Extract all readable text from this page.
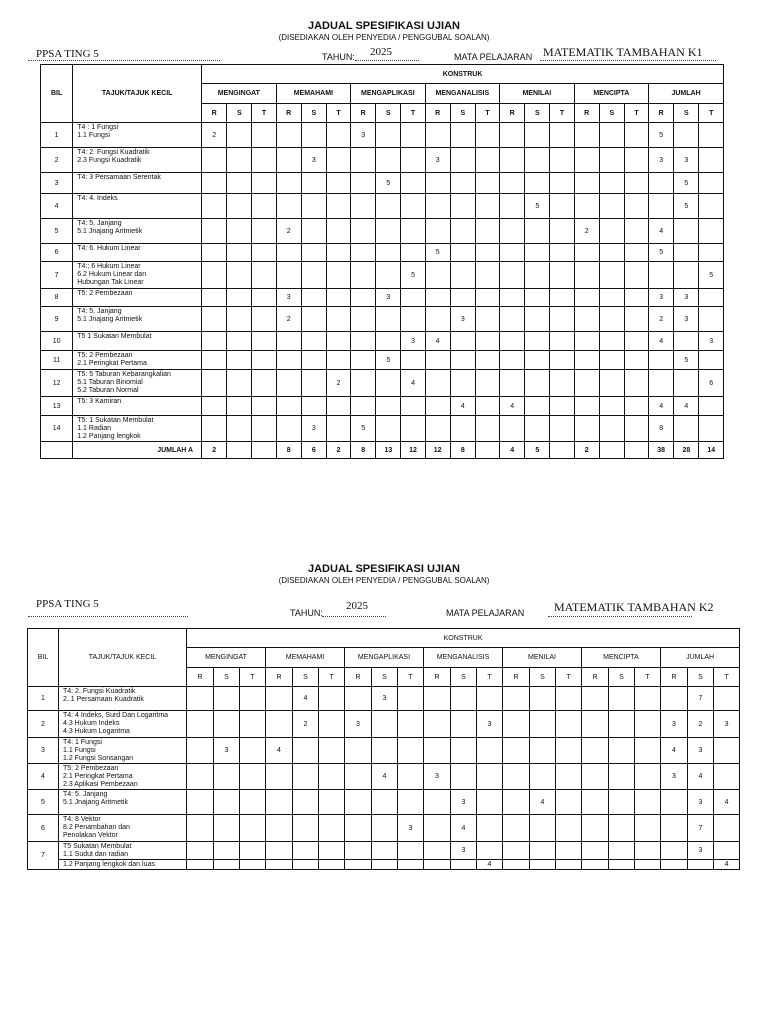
JADUAL SPESIFIKASI UJIAN
(DISEDIAKAN OLEH PENYEDIA / PENGGUBAL SOALAN)
PPSA TING 5	TAHUN: 2025	MATA PELAJARAN MATEMATIK TAMBAHAN K1
BIL	TAJUK/TAJUK KECIL	KONSTRUK																				
		MENGINGAT			MEMAHAMI			MENGAPLIKASI			MENGANALISIS			MENILAI			MENCIPTA			JUMLAH		
		R	S	T	R	S	T	R	S	T	R	S	T	R	S	T	R	S	T	R	S	T
1	T4 : 1 Fungsi
1.1 Fungsi	2						3												5		
2	T4: 2. Fungsi Kuadratik
2.3 Fungsi Kuadratik					3					3									3	3	
3	T4: 3 Persamaan Serentak								5												5	
4	T4: 4. Indeks														5						5	
5	T4: 5. Janjang
5.1 Jnajang Aritmetik				2												2			4		
6	T4: 6. Hukum Linear										5									5		
7	T4:; 6 Hukum Linear
6.2 Hukum Linear dan
Hubungan Tak Linear									5												5
8	T5: 2 Pembezaan				3				3											3	3	
9	T4: 5. Janjang
5.1 Jnajang Aritmetik				2							3								2	3	
10	T5 1 Sukatan Membulat									3	4									4		3
11	T5: 2 Pembezaan
2.1 Peringkat Pertama								5												5	
12	T5: 5 Taburan Kebarangkalian
5.1 Taburan Binomial
5.2 Taburan Normal						2			4												6
13	T5: 3 Kamiran											4		4						4	4	
14	T5: 1 Sukatan Membulat
1.1 Radian
1.2 Panjang lengkok					3		5												8		
	JUMLAH A	2			8	6	2	8	13	12	12	8		4	5		2			38	28	14
JADUAL SPESIFIKASI UJIAN
(DISEDIAKAN OLEH PENYEDIA / PENGGUBAL SOALAN)
PPSA TING 5
TAHUN:
2025
MATA PELAJARAN MATEMATIK TAMBAHAN K2
BIL	TAJUK/TAJUK KECIL	KONSTRUK																				
		MENGINGAT			MEMAHAMI			MENGAPLIKASI			MENGANALISIS			MENILAI			MENCIPTA			JUMLAH		
		R	S	T	R	S	T	R	S	T	R	S	T	R	S	T	R	S	T	R	S	T
1	T4: 2. Fungsi Kuadratik
2..1 Persamaan Kuadratik					4			3												7	
2	T4: 4 Indeks, Surd Dan Logaritma
4.3 Hukum Indeks
4.3 Hukum Logaritma					2		3					3							3	2	3
3	T4: 1 Fungsi
1.1 Fungsi
1.2 Fungsi Sonsangan		3		4															4	3	
4	T5: 2 Pembezaan
2.1 Peringkat Pertama
2.3 Aplikasi Pembezaan								4		3									3	4	
5	T4: 5. Janjang
5.1 Jnajang Aritmetik											3			4						3	4
6	T4: 8 Vektor
8.2 Penambahan dan
Penolakan Vektor									3		4									7	
7	T5 Sukatan Membulat
1.1 Sudut dan radian											3									3	

	1.2 Panjang lengkok dan luas												4									4
